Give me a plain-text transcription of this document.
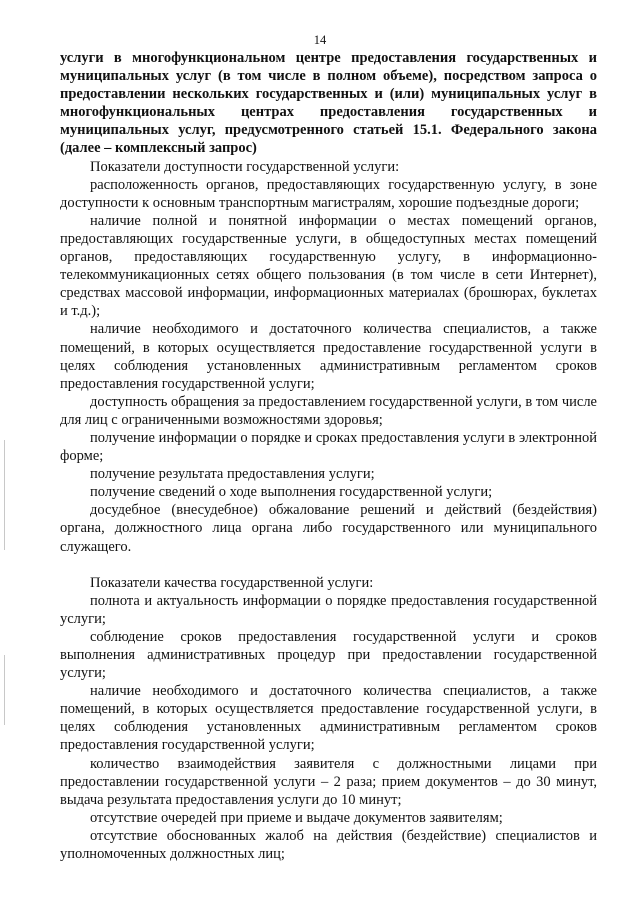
14

услуги в многофункциональном центре предоставления государственных и муниципальных услуг (в том числе в полном объеме), посредством запроса о предоставлении нескольких государственных и (или) муниципальных услуг в многофункциональных центрах предоставления государственных и муниципальных услуг, предусмотренного статьей 15.1. Федерального закона (далее – комплексный запрос)

Показатели доступности государственной услуги:

расположенность органов, предоставляющих государственную услугу, в зоне доступности к основным транспортным магистралям, хорошие подъездные дороги;

наличие полной и понятной информации о местах помещений органов, предоставляющих государственные услуги, в общедоступных местах помещений органов, предоставляющих государственную услугу, в информационно-телекоммуникационных сетях общего пользования (в том числе в сети Интернет), средствах массовой информации, информационных материалах (брошюрах, буклетах и т.д.);

наличие необходимого и достаточного количества специалистов, а также помещений, в которых осуществляется предоставление государственной услуги в целях соблюдения установленных административным регламентом сроков предоставления государственной услуги;

доступность обращения за предоставлением государственной услуги, в том числе для лиц с ограниченными возможностями здоровья;

получение информации о порядке и сроках предоставления услуги в электронной форме;

получение результата предоставления услуги;

получение сведений о ходе выполнения государственной услуги;

досудебное (внесудебное) обжалование решений и действий (бездействия) органа, должностного лица органа либо государственного или муниципального служащего.

Показатели качества государственной услуги:

полнота и актуальность информации о порядке предоставления государственной услуги;

соблюдение сроков предоставления государственной услуги и сроков выполнения административных процедур при предоставлении государственной услуги;

наличие необходимого и достаточного количества специалистов, а также помещений, в которых осуществляется предоставление государственной услуги, в целях соблюдения установленных административным регламентом сроков предоставления государственной услуги;

количество взаимодействия заявителя с должностными лицами при предоставлении государственной услуги – 2 раза; прием документов – до 30 минут, выдача результата предоставления услуги до 10 минут;

отсутствие очередей при приеме и выдаче документов заявителям;

отсутствие обоснованных жалоб на действия (бездействие) специалистов и уполномоченных должностных лиц;
